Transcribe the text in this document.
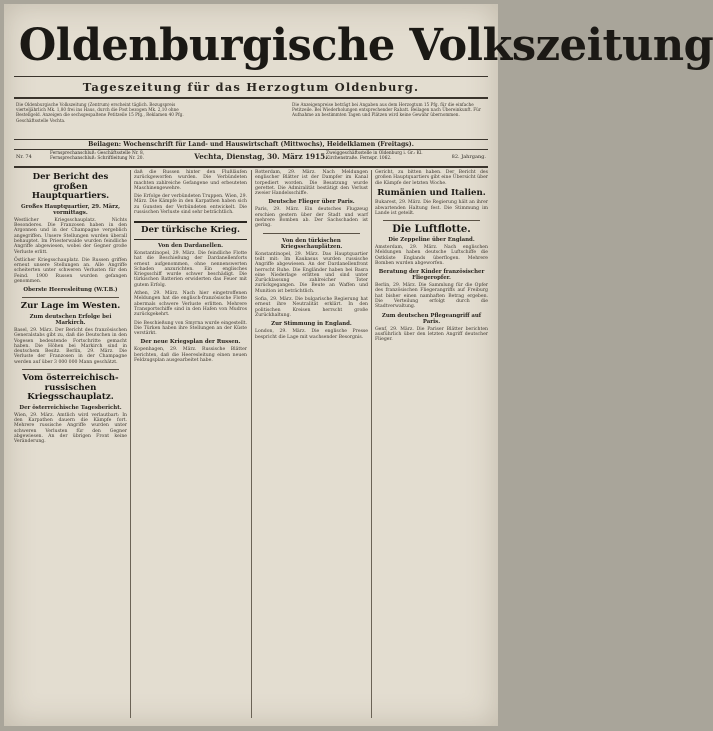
Oldenburgische Volkszeitung
Tageszeitung für das Herzogtum Oldenburg.
Die Oldenburgische Volkszeitung (Zentrum) erscheint täglich. Bezugspreis vierteljährlich Mk. 1,80 frei ins Haus, durch die Post bezogen Mk. 2,10 ohne Bestellgeld. Anzeigen die sechsgespaltene Petitzeile 15 Pfg., Reklamen 40 Pfg. Geschäftsstelle Vechta.
Die Anzeigenpreise beträgt bei Angaben aus dem Herzogtum 15 Pfg. für die einfache Petitzeile. Bei Wiederholungen entsprechender Rabatt. Beilagen nach Übereinkunft. Für Aufnahme an bestimmten Tagen und Plätzen wird keine Gewähr übernommen.
Beilagen: Wochenschrift für Land- und Hauswirtschaft (Mittwochs), Heidelklamen (Freitags).
Nr. 74
Fernsprechanschluß: Geschäftsstelle Nr. 8, Fernsprechanschluß: Schriftleitung Nr. 20.	Vechta, Dienstag, 30. März 1915.
Zweiggeschäftsstelle in Oldenburg i. Gr.: Kl. Kirchenstraße. Fernspr. 1062.	82. Jahrgang.
Der Bericht des großen Hauptquartiers.
Großes Hauptquartier, 29. März, vormittags.
Westlicher Kriegsschauplatz. Nichts Besonderes. Die Franzosen haben in den Argonnen und in der Champagne vergeblich angegriffen. Unsere Stellungen wurden überall behauptet. Im Priesterwalde wurden feindliche Angriffe abgewiesen, wobei der Gegner große Verluste erlitt.
Östlicher Kriegsschauplatz. Die Russen griffen erneut unsere Stellungen an. Alle Angriffe scheiterten unter schweren Verlusten für den Feind. 1900 Russen wurden gefangen genommen.
Oberste Heeresleitung (W.T.B.)
Zur Lage im Westen.
Zum deutschen Erfolge bei Markirch.
Basel, 29. März. Der Bericht des französischen Generalstabs gibt zu, daß die Deutschen in den Vogesen bedeutende Fortschritte gemacht haben. Die Höhen bei Markirch sind in deutschem Besitz. Berlin, 29. März. Die Verluste der Franzosen in der Champagne werden auf über 3 000 000 Mann geschätzt.
Vom österreichisch-russischen Kriegsschauplatz.
Der österreichische Tagesbericht.
Wien, 29. März. Amtlich wird verlautbart: In den Karpathen dauern die Kämpfe fort. Mehrere russische Angriffe wurden unter schweren Verlusten für den Gegner abgewiesen. An der übrigen Front keine Veränderung.
daß die Russen hinter den Flußläufen zurückgeworfen wurden. Die Verbündeten machten zahlreiche Gefangene und erbeuteten Maschinengewehre.
Die Erfolge der verbündeten Truppen. Wien, 29. März. Die Kämpfe in den Karpathen haben sich zu Gunsten der Verbündeten entwickelt. Die russischen Verluste sind sehr beträchtlich.
Der türkische Krieg.
Von den Dardanellen.
Konstantinopel, 29. März. Die feindliche Flotte hat die Beschießung der Dardanellenforts erneut aufgenommen, ohne nennenswerten Schaden anzurichten. Ein englisches Kriegsschiff wurde schwer beschädigt. Die türkischen Batterien erwiderten das Feuer mit gutem Erfolg.
Athen, 29. März. Nach hier eingetroffenen Meldungen hat die englisch-französische Flotte abermals schwere Verluste erlitten. Mehrere Transportschiffe sind in den Hafen von Mudros zurückgekehrt.
Die Beschießung von Smyrna wurde eingestellt. Die Türken haben ihre Stellungen an der Küste verstärkt.
Der neue Kriegsplan der Russen.
Kopenhagen, 29. März. Russische Blätter berichten, daß die Heeresleitung einen neuen Feldzugsplan ausgearbeitet habe.
Rotterdam, 29. März. Nach Meldungen englischer Blätter ist der Dampfer im Kanal torpediert worden. Die Besatzung wurde gerettet. Die Admiralität bestätigt den Verlust zweier Handelsschiffe.
Deutsche Flieger über Paris.
Paris, 29. März. Ein deutsches Flugzeug erschien gestern über der Stadt und warf mehrere Bomben ab. Der Sachschaden ist gering.
Von den türkischen Kriegsschauplätzen.
Konstantinopel, 29. März. Das Hauptquartier teilt mit: Im Kaukasus wurden russische Angriffe abgewiesen. An der Dardanellenfront herrscht Ruhe. Die Engländer haben bei Basra eine Niederlage erlitten und sind unter Zurücklassung zahlreicher Toter zurückgegangen. Die Beute an Waffen und Munition ist beträchtlich.
Sofia, 29. März. Die bulgarische Regierung hat erneut ihre Neutralität erklärt. In den politischen Kreisen herrscht große Zurückhaltung.
Zur Stimmung in England.
London, 29. März. Die englische Presse bespricht die Lage mit wachsender Besorgnis.
Gericht, zu bitten haben. Der Bericht des großen Hauptquartiers gibt eine Übersicht über die Kämpfe der letzten Woche.
Rumänien und Italien.
Bukarest, 29. März. Die Regierung hält an ihrer abwartenden Haltung fest. Die Stimmung im Lande ist geteilt.
Die Luftflotte.
Die Zeppeline über England.
Amsterdam, 29. März. Nach englischen Meldungen haben deutsche Luftschiffe die Ostküste Englands überflogen. Mehrere Bomben wurden abgeworfen.
Beratung der Kinder französischer Fliegeropfer.
Berlin, 29. März. Die Sammlung für die Opfer des französischen Fliegerangriffs auf Freiburg hat bisher einen namhaften Betrag ergeben. Die Verteilung erfolgt durch die Stadtverwaltung.
Zum deutschen Pflegeangriff auf Paris.
Genf, 29. März. Die Pariser Blätter berichten ausführlich über den letzten Angriff deutscher Flieger.
